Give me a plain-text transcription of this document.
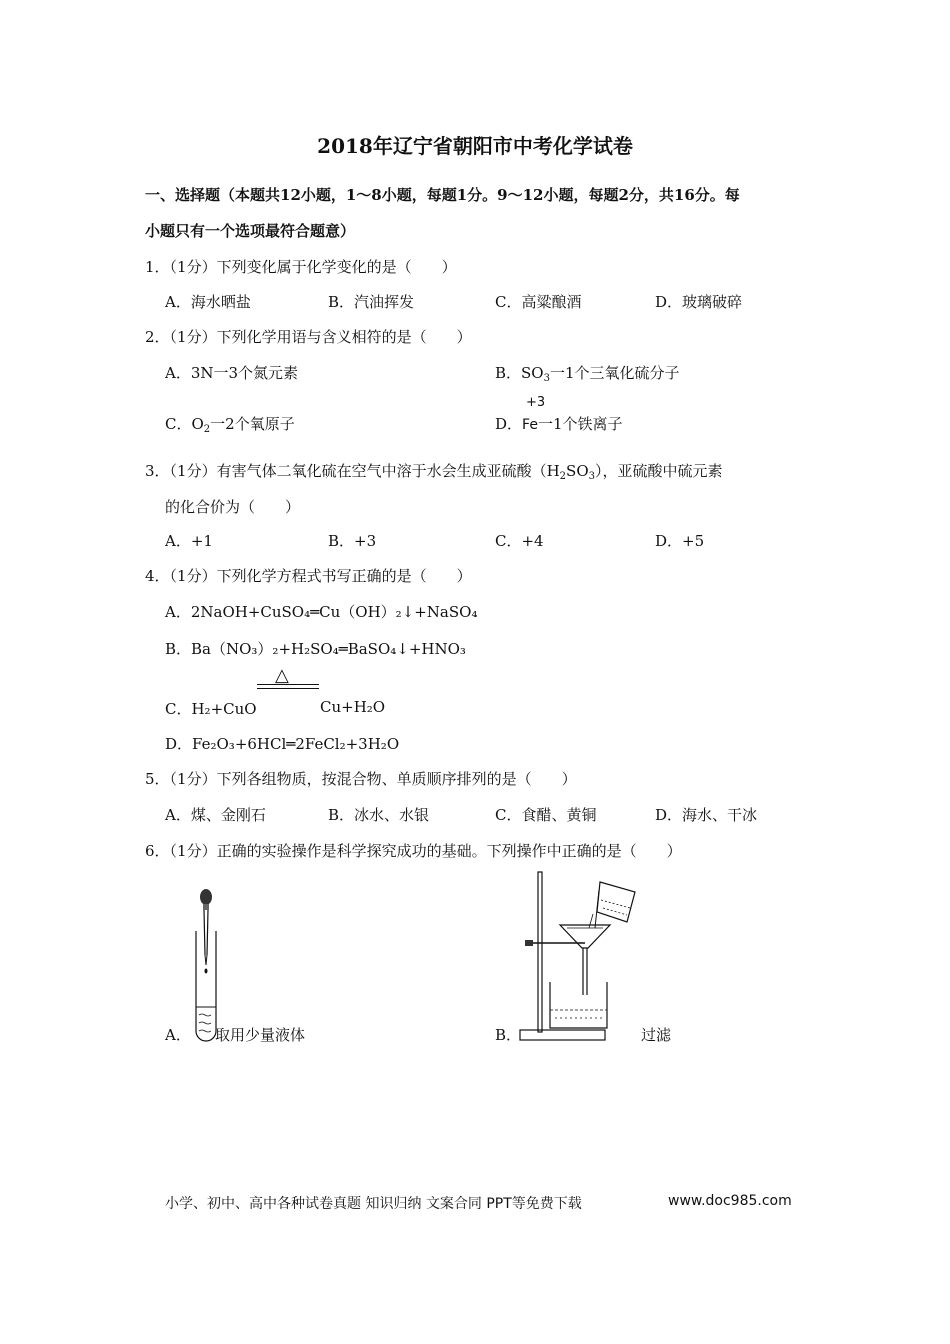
2018年辽宁省朝阳市中考化学试卷
一、选择题（本题共12小题，1～8小题，每题1分。9～12小题，每题2分，共16分。每
小题只有一个选项最符合题意）
1．（1分）下列变化属于化学变化的是（　　）
A．海水晒盐	B．汽油挥发	C．高粱酿酒	D．玻璃破碎
2．（1分）下列化学用语与含义相符的是（　　）
A．3N一3个氮元素	B．$SO_3$一1个三氧化硫分子
C．$O_2$一2个氧原子	D．
+3
Fe一1个铁离子
3．（1分）有害气体二氧化硫在空气中溶于水会生成亚硫酸$(H_2SO_3)$，亚硫酸中硫元素
的化合价为（　　）
A．+1	B．+3	C．+4	D．+5
4．（1分）下列化学方程式书写正确的是（　　）
A．2NaOH+CuSO₄═Cu（OH）₂↓+NaSO₄
B．Ba（NO₃）₂+H₂SO₄═BaSO₄↓+HNO₃
△
C．H₂+CuO	Cu+H₂O
D．Fe₂O₃+6HCl═2FeCl₂+3H₂O
5．（1分）下列各组物质，按混合物、单质顺序排列的是（　　）
A．煤、金刚石	B．冰水、水银	C．食醋、黄铜	D．海水、干冰
6．（1分）正确的实验操作是科学探究成功的基础。下列操作中正确的是（　　）
A． 取用少量液体	B．	过滤
小学、初中、高中各种试卷真题 知识归纳 文案合同 PPT等免费下载	www.doc985.com
